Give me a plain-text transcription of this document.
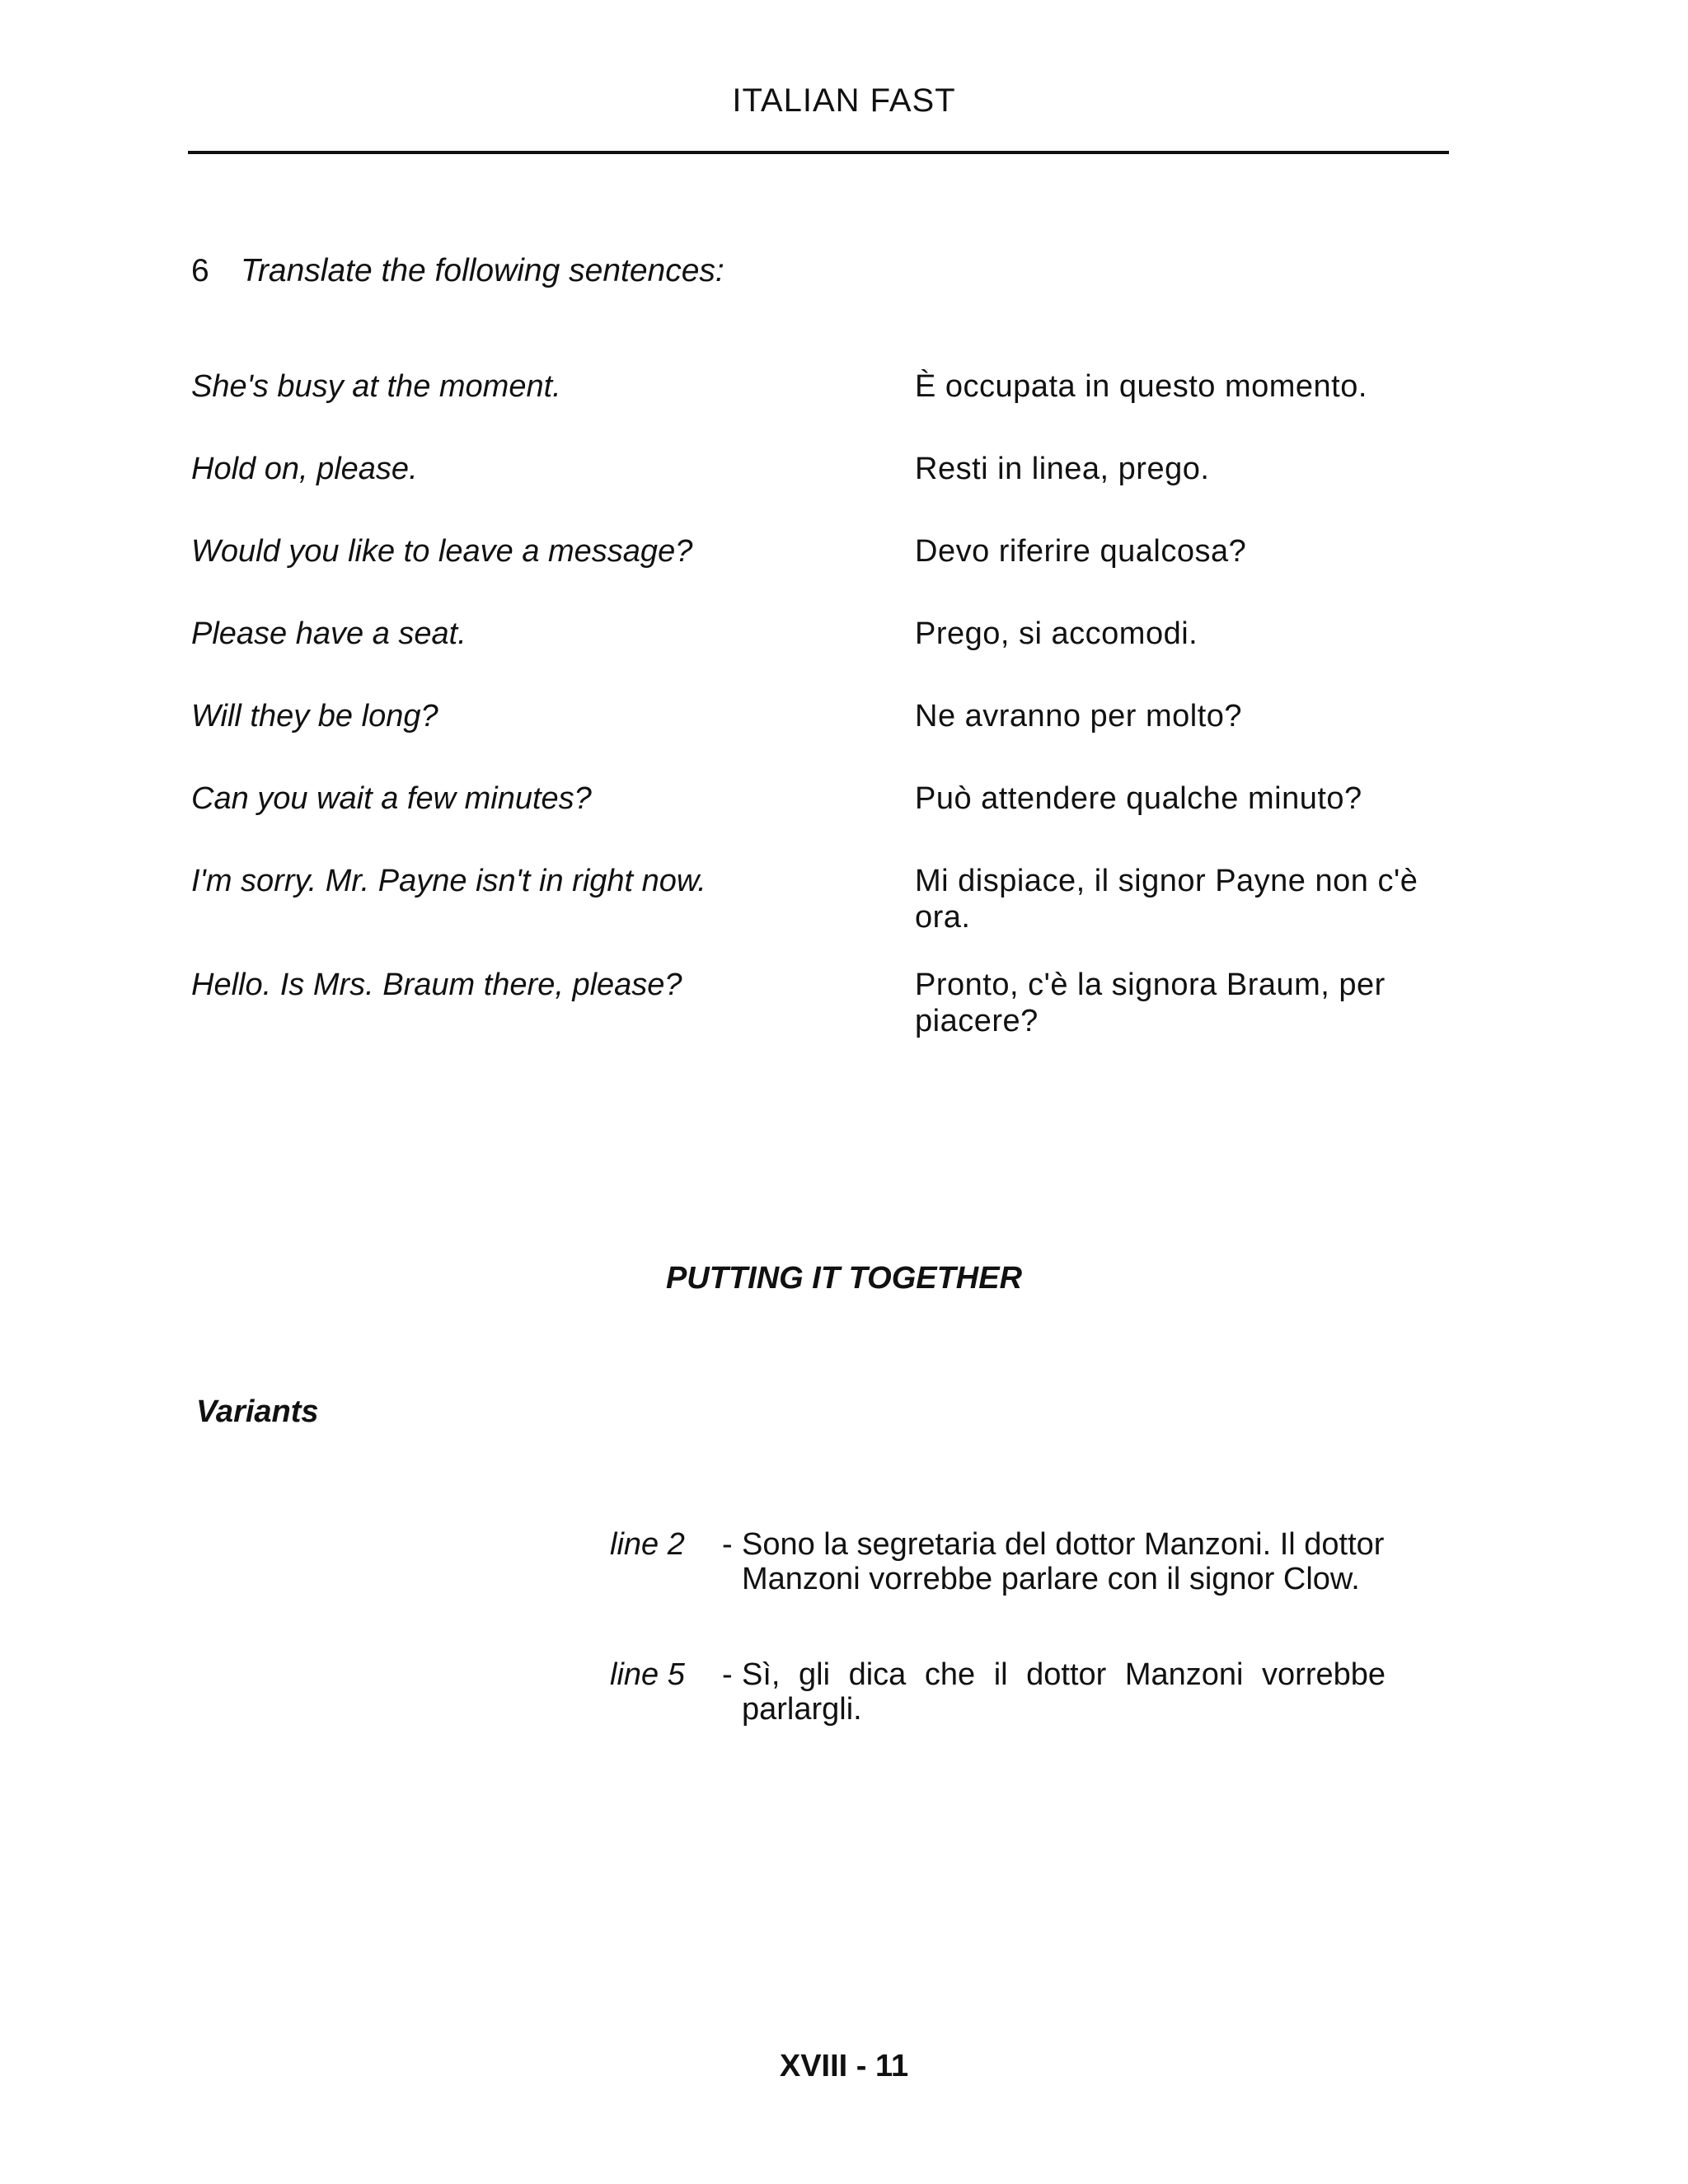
ITALIAN FAST
6 Translate the following sentences:
She's busy at the moment.	È occupata in questo momento.
Hold on, please.	Resti in linea, prego.
Would you like to leave a message?	Devo riferire qualcosa?
Please have a seat.	Prego, si accomodi.
Will they be long?	Ne avranno per molto?
Can you wait a few minutes?	Può attendere qualche minuto?
I'm sorry. Mr. Payne isn't in right now.	Mi dispiace, il signor Payne non c'è ora.
Hello. Is Mrs. Braum there, please?	Pronto, c'è la signora Braum, per piacere?
PUTTING IT TOGETHER
Variants
line 2 - Sono la segretaria del dottor Manzoni. Il dottor
Manzoni vorrebbe parlare con il signor Clow.
line 5 - Sì, gli dica che il dottor Manzoni vorrebbe
parlargli.
XVIII - 11
